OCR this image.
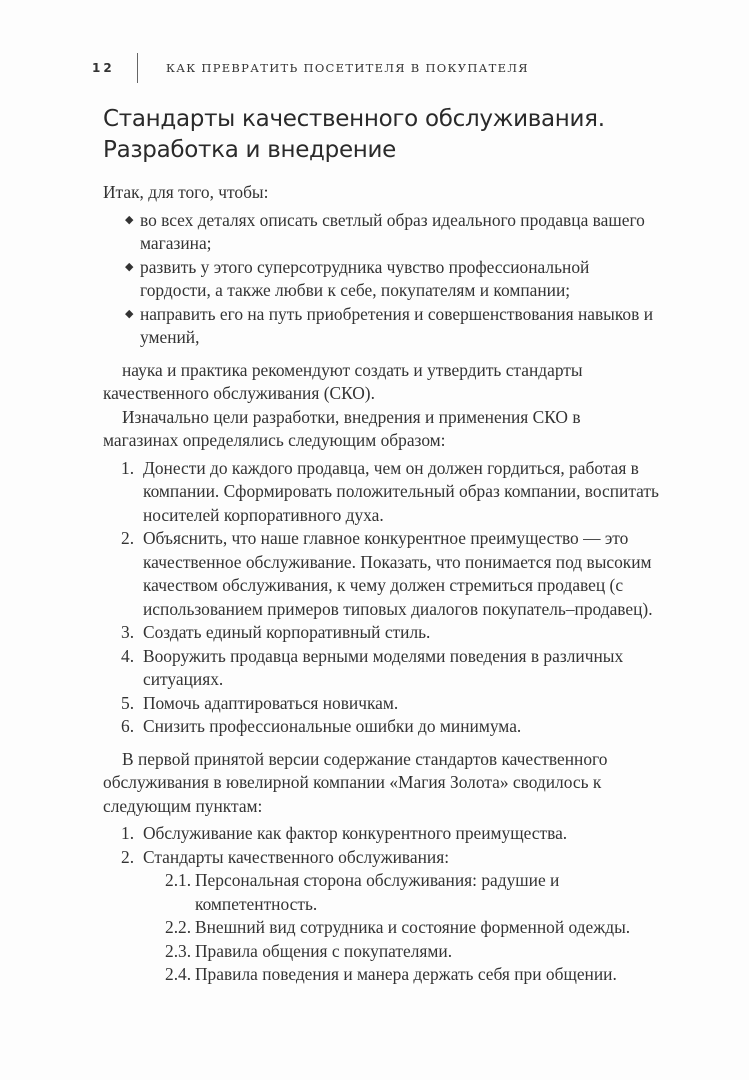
12	КАК ПРЕВРАТИТЬ ПОСЕТИТЕЛЯ В ПОКУПАТЕЛЯ
Стандарты качественного обслуживания.
Разработка и внедрение

Итак, для того, чтобы:

◆ во всех деталях описать светлый образ идеального продавца вашего магазина;
◆ развить у этого суперсотрудника чувство профессиональной гордости, а также любви к себе, покупателям и компании;
◆ направить его на путь приобретения и совершенствования навыков и умений,

наука и практика рекомендуют создать и утвердить стандарты качественного обслуживания (СКО).

Изначально цели разработки, внедрения и применения СКО в магазинах определялись следующим образом:

1. Донести до каждого продавца, чем он должен гордиться, работая в компании. Сформировать положительный образ компании, воспитать носителей корпоративного духа.
2. Объяснить, что наше главное конкурентное преимущество — это качественное обслуживание. Показать, что понимается под высоким качеством обслуживания, к чему должен стремиться продавец (с использованием примеров типовых диалогов покупатель–продавец).
3. Создать единый корпоративный стиль.
4. Вооружить продавца верными моделями поведения в различных ситуациях.
5. Помочь адаптироваться новичкам.
6. Снизить профессиональные ошибки до минимума.

В первой принятой версии содержание стандартов качественного обслуживания в ювелирной компании «Магия Золота» сводилось к следующим пунктам:

1. Обслуживание как фактор конкурентного преимущества.
2. Стандарты качественного обслуживания:
2.1. Персональная сторона обслуживания: радушие и компетентность.
2.2. Внешний вид сотрудника и состояние форменной одежды.
2.3. Правила общения с покупателями.
2.4. Правила поведения и манера держать себя при общении.
